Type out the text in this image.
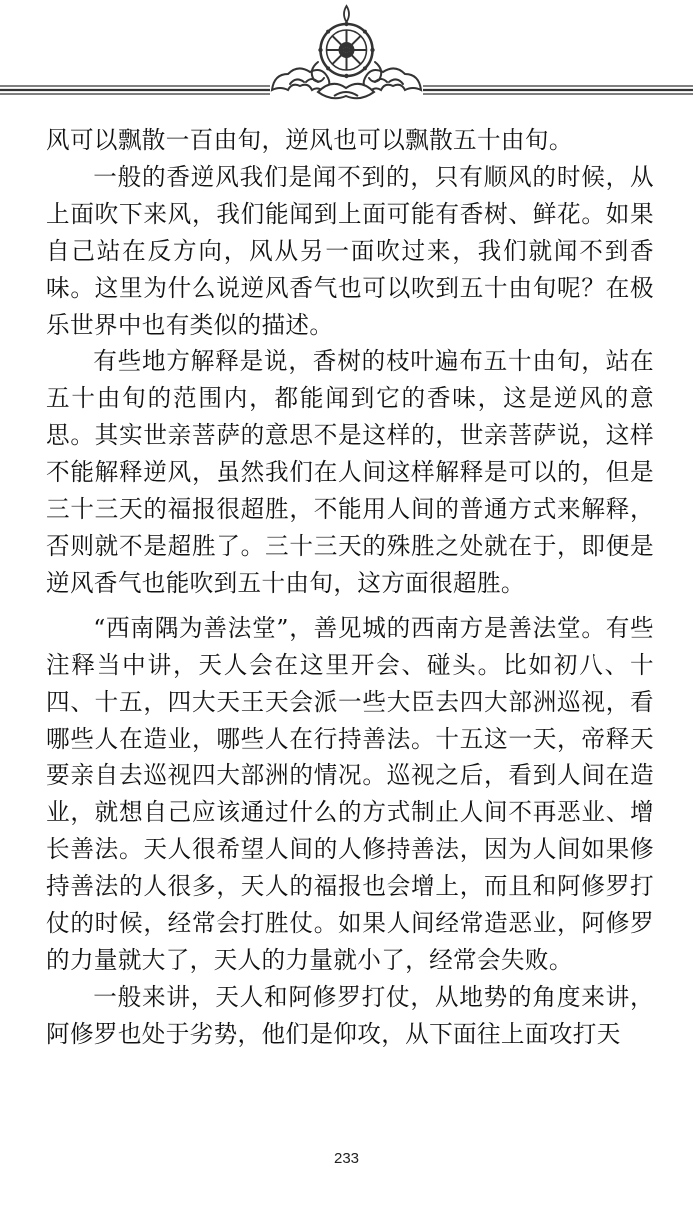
风可以飘散一百由旬，逆风也可以飘散五十由旬。

一般的香逆风我们是闻不到的，只有顺风的时候，从上面吹下来风，我们能闻到上面可能有香树、鲜花。如果自己站在反方向，风从另一面吹过来，我们就闻不到香味。这里为什么说逆风香气也可以吹到五十由旬呢？在极乐世界中也有类似的描述。

有些地方解释是说，香树的枝叶遍布五十由旬，站在五十由旬的范围内，都能闻到它的香味，这是逆风的意思。其实世亲菩萨的意思不是这样的，世亲菩萨说，这样不能解释逆风，虽然我们在人间这样解释是可以的，但是三十三天的福报很超胜，不能用人间的普通方式来解释，否则就不是超胜了。三十三天的殊胜之处就在于，即便是逆风香气也能吹到五十由旬，这方面很超胜。

“西南隅为善法堂”，善见城的西南方是善法堂。有些注释当中讲，天人会在这里开会、碰头。比如初八、十四、十五，四大天王天会派一些大臣去四大部洲巡视，看哪些人在造业，哪些人在行持善法。十五这一天，帝释天要亲自去巡视四大部洲的情况。巡视之后，看到人间在造业，就想自己应该通过什么的方式制止人间不再恶业、增长善法。天人很希望人间的人修持善法，因为人间如果修持善法的人很多，天人的福报也会增上，而且和阿修罗打仗的时候，经常会打胜仗。如果人间经常造恶业，阿修罗的力量就大了，天人的力量就小了，经常会失败。

一般来讲，天人和阿修罗打仗，从地势的角度来讲，阿修罗也处于劣势，他们是仰攻，从下面往上面攻打天

233
